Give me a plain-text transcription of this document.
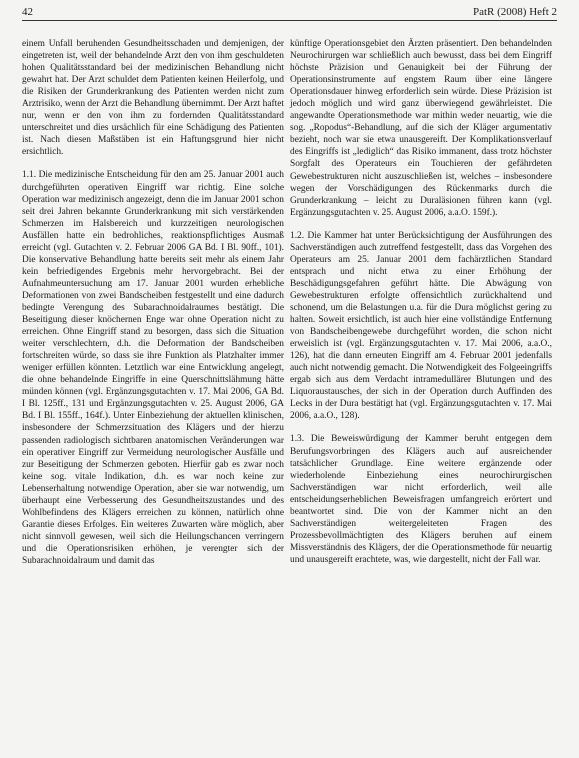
42	PatR (2008) Heft 2

einem Unfall beruhenden Gesundheitsschaden und demjenigen, der eingetreten ist, weil der behandelnde Arzt den von ihm geschuldeten hohen Qualitätsstandard bei der medizinischen Behandlung nicht gewahrt hat. Der Arzt schuldet dem Patienten keinen Heilerfolg, und die Risiken der Grunderkrankung des Patienten werden nicht zum Arztrisiko, wenn der Arzt die Behandlung übernimmt. Der Arzt haftet nur, wenn er den von ihm zu fordernden Qualitätsstandard unterschreitet und dies ursächlich für eine Schädigung des Patienten ist. Nach diesen Maßstäben ist ein Haftungsgrund hier nicht ersichtlich.

1.1. Die medizinische Entscheidung für den am 25. Januar 2001 auch durchgeführten operativen Eingriff war richtig. Eine solche Operation war medizinisch angezeigt, denn die im Januar 2001 schon seit drei Jahren bekannte Grunderkrankung mit sich verstärkenden Schmerzen im Halsbereich und kurzzeitigen neurologischen Ausfällen hatte ein bedrohliches, reaktionspflichtiges Ausmaß erreicht (vgl. Gutachten v. 2. Februar 2006 GA Bd. I Bl. 90ff., 101). Die konservative Behandlung hatte bereits seit mehr als einem Jahr kein befriedigendes Ergebnis mehr hervorgebracht. Bei der Aufnahmeuntersuchung am 17. Januar 2001 wurden erhebliche Deformationen von zwei Bandscheiben festgestellt und eine dadurch bedingte Verengung des Subarachnoidalraumes bestätigt. Die Beseitigung dieser knöchernen Enge war ohne Operation nicht zu erreichen. Ohne Eingriff stand zu besorgen, dass sich die Situation weiter verschlechtern, d.h. die Deformation der Bandscheiben fortschreiten würde, so dass sie ihre Funktion als Platzhalter immer weniger erfüllen könnten. Letztlich war eine Entwicklung angelegt, die ohne behandelnde Eingriffe in eine Querschnittslähmung hätte münden können (vgl. Ergänzungsgutachten v. 17. Mai 2006, GA Bd. I Bl. 125ff., 131 und Ergänzungsgutachten v. 25. August 2006, GA Bd. I Bl. 155ff., 164f.). Unter Einbeziehung der aktuellen klinischen, insbesondere der Schmerzsituation des Klägers und der hierzu passenden radiologisch sichtbaren anatomischen Veränderungen war ein operativer Eingriff zur Vermeidung neurologischer Ausfälle und zur Beseitigung der Schmerzen geboten. Hierfür gab es zwar noch keine sog. vitale Indikation, d.h. es war noch keine zur Lebenserhaltung notwendige Operation, aber sie war notwendig, um überhaupt eine Verbesserung des Gesundheitszustandes und des Wohlbefindens des Klägers erreichen zu können, natürlich ohne Garantie dieses Erfolges. Ein weiteres Zuwarten wäre möglich, aber nicht sinnvoll gewesen, weil sich die Heilungschancen verringern und die Operationsrisiken erhöhen, je verengter sich der Subarachnoidalraum und damit das

künftige Operationsgebiet den Ärzten präsentiert. Den behandelnden Neurochirurgen war schließlich auch bewusst, dass bei dem Eingriff höchste Präzision und Genauigkeit bei der Führung der Operationsinstrumente auf engstem Raum über eine längere Operationsdauer hinweg erforderlich sein würde. Diese Präzision ist jedoch möglich und wird ganz überwiegend gewährleistet. Die angewandte Operationsmethode war mithin weder neuartig, wie die sog. „Ropodus“-Behandlung, auf die sich der Kläger argumentativ bezieht, noch war sie etwa unausgereift. Der Komplikationsverlauf des Eingriffs ist „lediglich“ das Risiko immanent, dass trotz höchster Sorgfalt des Operateurs ein Touchieren der gefährdeten Gewebestrukturen nicht auszuschließen ist, welches – insbesondere wegen der Vorschädigungen des Rückenmarks durch die Grunderkrankung – leicht zu Duraläsionen führen kann (vgl. Ergänzungsgutachten v. 25. August 2006, a.a.O. 159f.).

1.2. Die Kammer hat unter Berücksichtigung der Ausführungen des Sachverständigen auch zutreffend festgestellt, dass das Vorgehen des Operateurs am 25. Januar 2001 dem fachärztlichen Standard entsprach und nicht etwa zu einer Erhöhung der Beschädigungsgefahren geführt hätte. Die Abwägung von Gewebestrukturen erfolgte offensichtlich zurückhaltend und schonend, um die Belastungen u.a. für die Dura möglichst gering zu halten. Soweit ersichtlich, ist auch hier eine vollständige Entfernung von Bandscheibengewebe durchgeführt worden, die schon nicht erweislich ist (vgl. Ergänzungsgutachten v. 17. Mai 2006, a.a.O., 126), hat die dann erneuten Eingriff am 4. Februar 2001 jedenfalls auch nicht notwendig gemacht. Die Notwendigkeit des Folgeeingriffs ergab sich aus dem Verdacht intramedullärer Blutungen und des Liquoraustausches, der sich in der Operation durch Auffinden des Lecks in der Dura bestätigt hat (vgl. Ergänzungsgutachten v. 17. Mai 2006, a.a.O., 128).

1.3. Die Beweiswürdigung der Kammer beruht entgegen dem Berufungsvorbringen des Klägers auch auf ausreichender tatsächlicher Grundlage. Eine weitere ergänzende oder wiederholende Einbeziehung eines neurochirurgischen Sachverständigen war nicht erforderlich, weil alle entscheidungserheblichen Beweisfragen umfangreich erörtert und beantwortet sind. Die von der Kammer nicht an den Sachverständigen weitergeleiteten Fragen des Prozessbevollmächtigten des Klägers beruhen auf einem Missverständnis des Klägers, der die Operationsmethode für neuartig und unausgereift erachtete, was, wie dargestellt, nicht der Fall war.
